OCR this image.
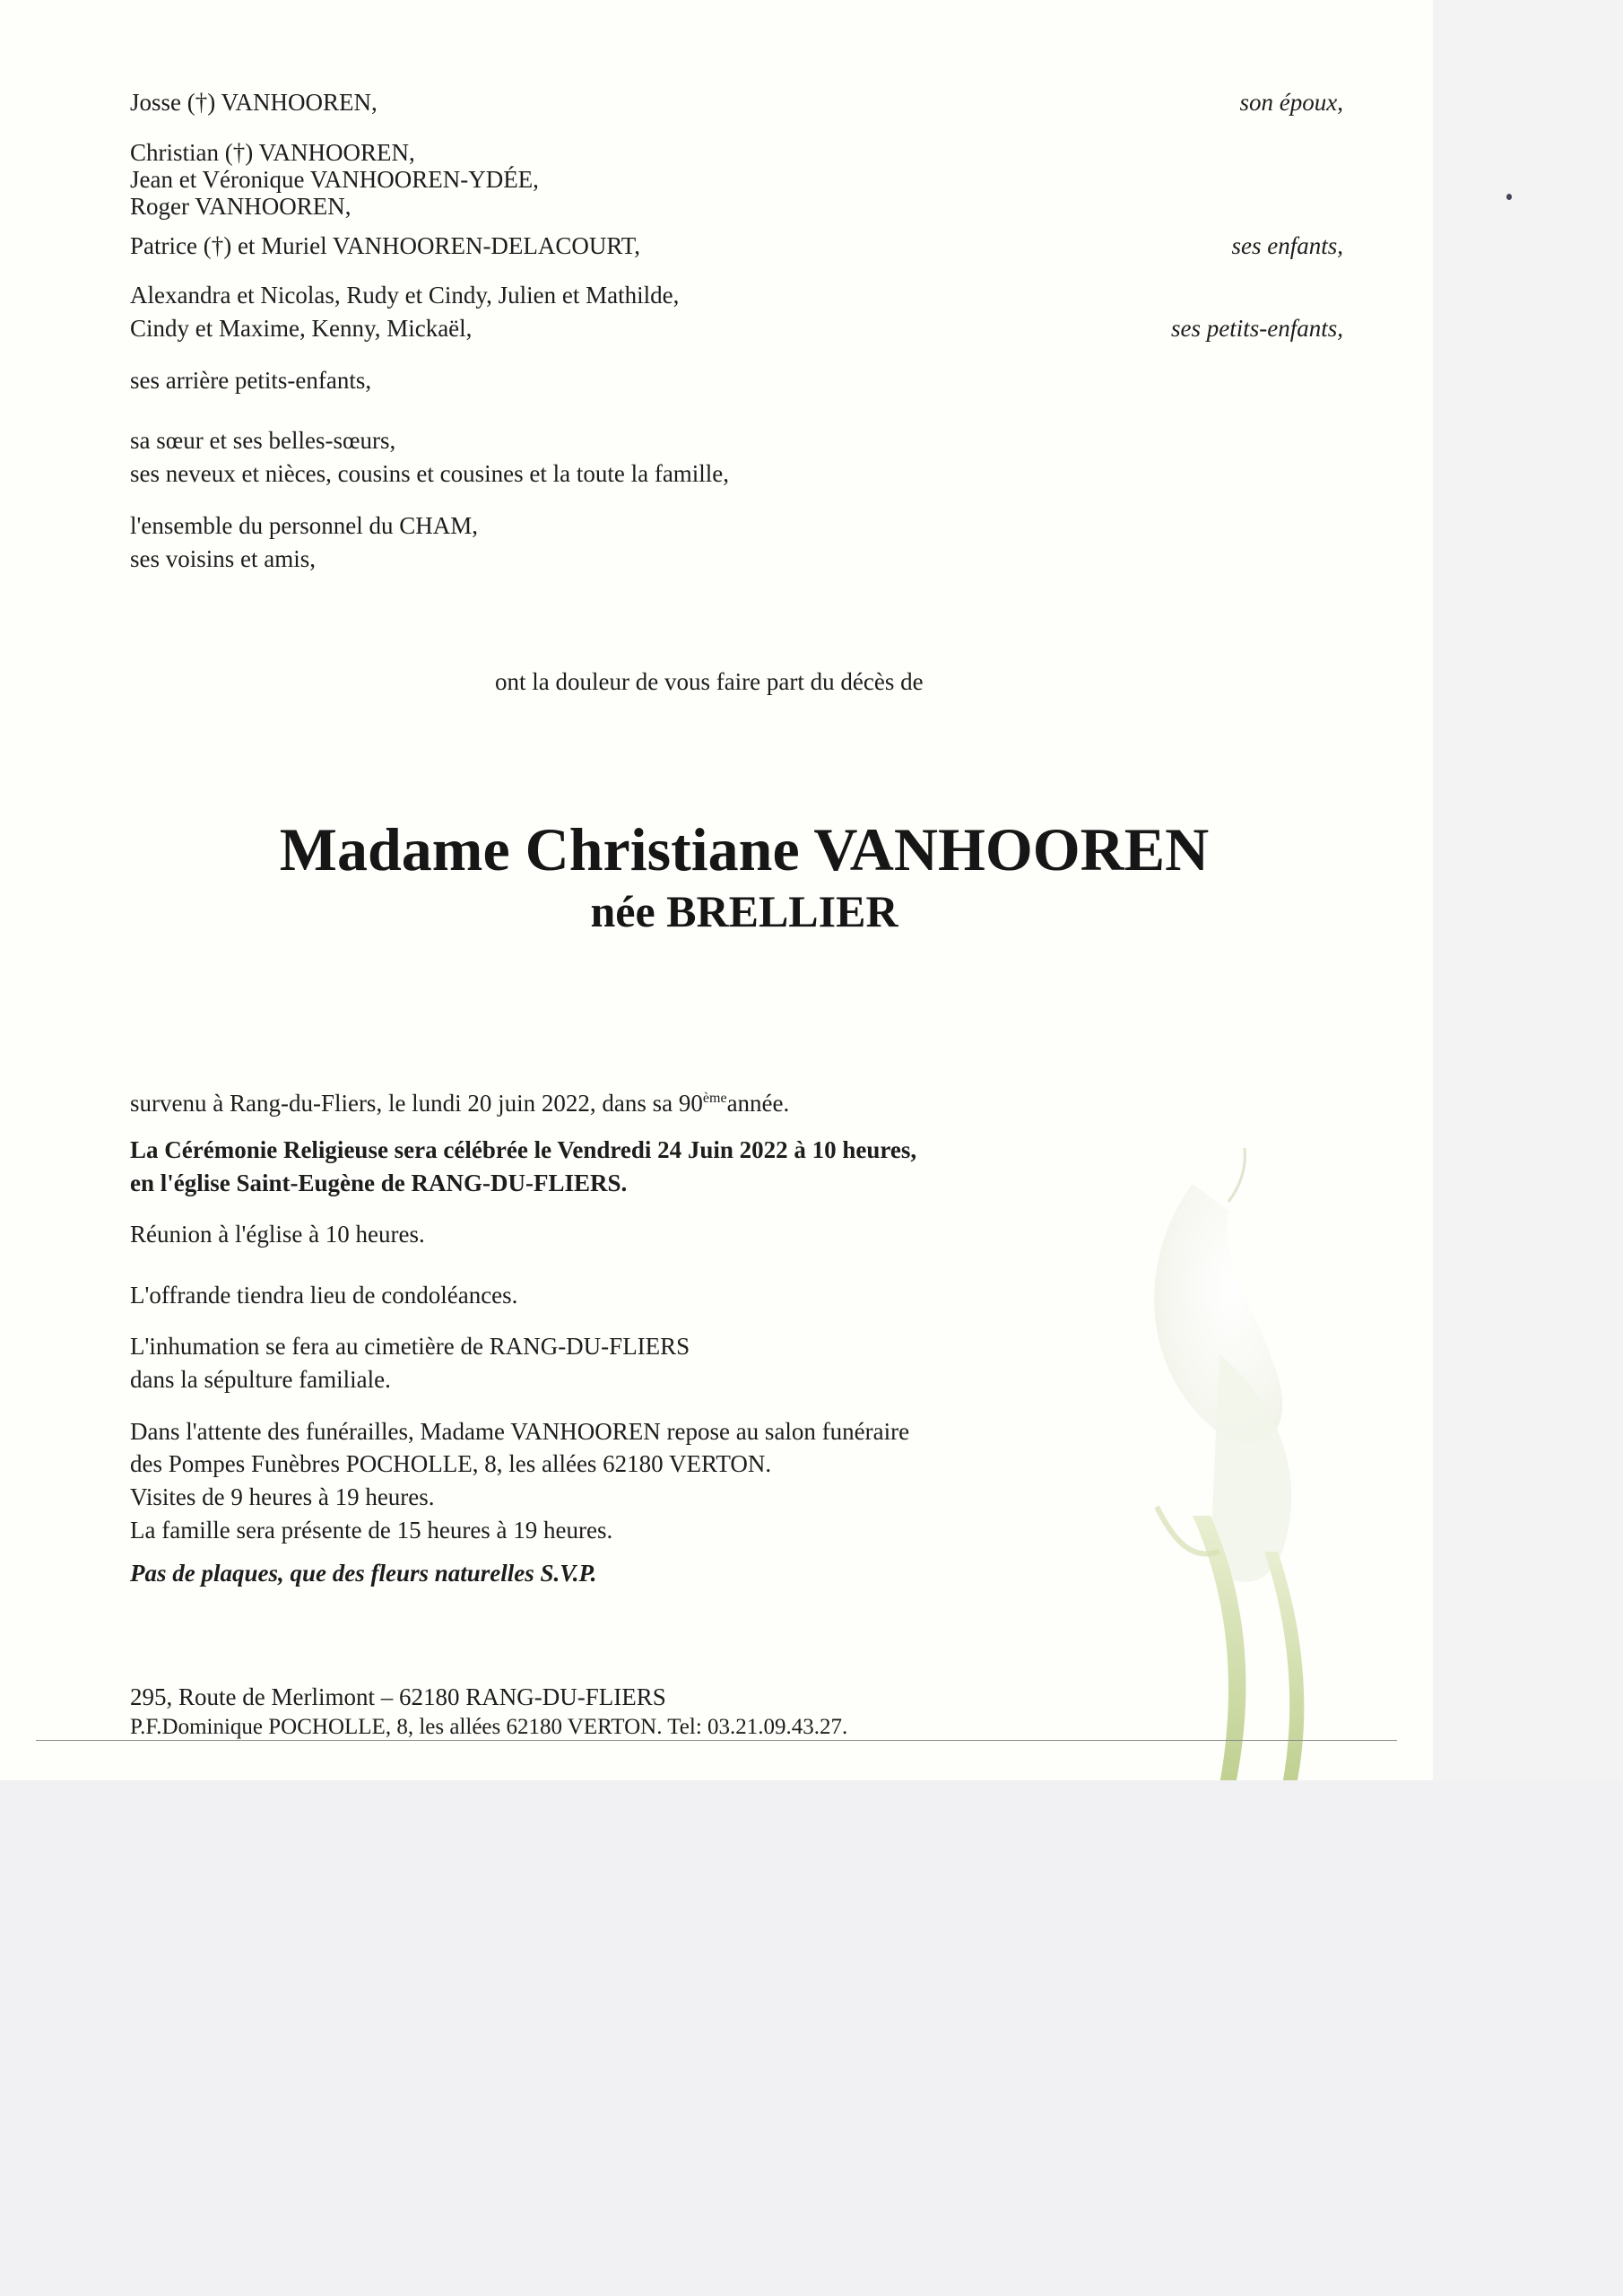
Josse (†) VANHOOREN,	son époux,
Christian (†) VANHOOREN,
Jean et Véronique VANHOOREN-YDÉE,
Roger VANHOOREN,
Patrice (†) et Muriel VANHOOREN-DELACOURT,	ses enfants,
Alexandra et Nicolas, Rudy et Cindy, Julien et Mathilde,
Cindy et Maxime, Kenny, Mickaël,	ses petits-enfants,
ses arrière petits-enfants,
sa sœur et ses belles-sœurs,
ses neveux et nièces, cousins et cousines et la toute la famille,
l'ensemble du personnel du CHAM,
ses voisins et amis,
ont la douleur de vous faire part du décès de
Madame Christiane VANHOOREN
née BRELLIER
survenu à Rang-du-Fliers, le lundi 20 juin 2022, dans sa 90èmeannée.
La Cérémonie Religieuse sera célébrée le Vendredi 24 Juin 2022 à 10 heures,
en l'église Saint-Eugène de RANG-DU-FLIERS.
Réunion à l'église à 10 heures.
L'offrande tiendra lieu de condoléances.
L'inhumation se fera au cimetière de RANG-DU-FLIERS
dans la sépulture familiale.
Dans l'attente des funérailles, Madame VANHOOREN repose au salon funéraire
des Pompes Funèbres POCHOLLE, 8, les allées 62180 VERTON.
Visites de 9 heures à 19 heures.
La famille sera présente de 15 heures à 19 heures.
Pas de plaques, que des fleurs naturelles S.V.P.
295, Route de Merlimont – 62180 RANG-DU-FLIERS
P.F.Dominique POCHOLLE, 8, les allées 62180 VERTON. Tel: 03.21.09.43.27.
